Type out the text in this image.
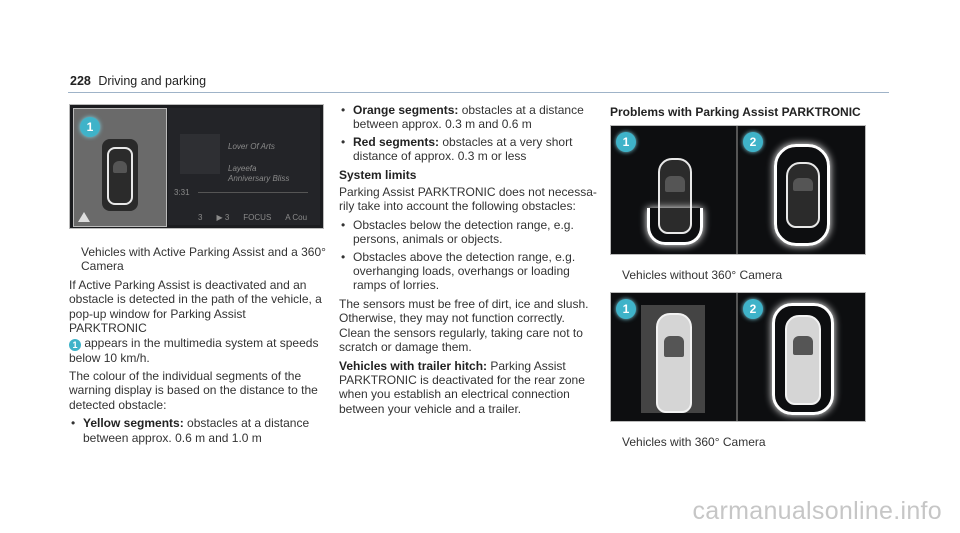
228 Driving and parking
1
Lover Of Arts
Layeefa
Anniversary Bliss
3:31
3 ▶ 3 FOCUS A Cou
Vehicles with Active Parking Assist and a 360°
Camera

If Active Parking Assist is deactivated and an
obstacle is detected in the path of the vehicle, a
pop-up window for Parking Assist PARKTRONIC
1 appears in the multimedia system at speeds
below 10 km/h.

The colour of the individual segments of the
warning display is based on the distance to the
detected obstacle:

• Yellow segments: obstacles at a distance
between approx. 0.6 m and 1.0 m
• Orange segments: obstacles at a distance
between approx. 0.3 m and 0.6 m
• Red segments: obstacles at a very short
distance of approx. 0.3 m or less
System limits

Parking Assist PARKTRONIC does not necessa-
rily take into account the following obstacles:

• Obstacles below the detection range, e.g.
persons, animals or objects.
• Obstacles above the detection range, e.g.
overhanging loads, overhangs or loading
ramps of lorries.

The sensors must be free of dirt, ice and slush.
Otherwise, they may not function correctly.
Clean the sensors regularly, taking care not to
scratch or damage them.

Vehicles with trailer hitch: Parking Assist
PARKTRONIC is deactivated for the rear zone
when you establish an electrical connection
between your vehicle and a trailer.

Problems with Parking Assist PARKTRONIC
1	2
Vehicles without 360° Camera
1	2
Vehicles with 360° Camera
carmanualsonline.info
